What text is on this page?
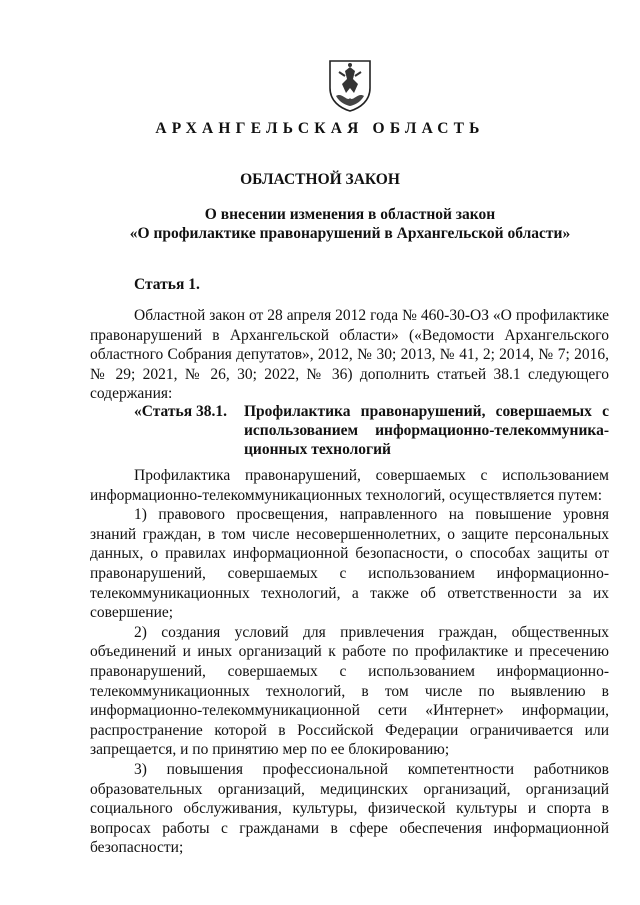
АРХАНГЕЛЬСКАЯ ОБЛАСТЬ
ОБЛАСТНОЙ ЗАКОН
О внесении изменения в областной закон
«О профилактике правонарушений в Архангельской области»
Статья 1.

Областной закон от 28 апреля 2012 года № 460-30-ОЗ «О профилактике правонарушений в Архангельской области» («Ведомости Архангельского областного Собрания депутатов», 2012, № 30; 2013, № 41, 2; 2014, № 7; 2016, № 29; 2021, № 26, 30; 2022, № 36) дополнить статьей 38.1 следующего содержания:

«Статья 38.1. Профилактика правонарушений, совершаемых с использованием информационно-телекоммуника-ционных технологий

Профилактика правонарушений, совершаемых с использованием информационно-телекоммуникационных технологий, осуществляется путем:

1) правового просвещения, направленного на повышение уровня знаний граждан, в том числе несовершеннолетних, о защите персональных данных, о правилах информационной безопасности, о способах защиты от правонарушений, совершаемых с использованием информационно-телекоммуникационных технологий, а также об ответственности за их совершение;

2) создания условий для привлечения граждан, общественных объединений и иных организаций к работе по профилактике и пресечению правонарушений, совершаемых с использованием информационно-телекоммуникационных технологий, в том числе по выявлению в информационно-телекоммуникационной сети «Интернет» информации, распространение которой в Российской Федерации ограничивается или запрещается, и по принятию мер по ее блокированию;

3) повышения профессиональной компетентности работников образовательных организаций, медицинских организаций, организаций социального обслуживания, культуры, физической культуры и спорта в вопросах работы с гражданами в сфере обеспечения информационной безопасности;
